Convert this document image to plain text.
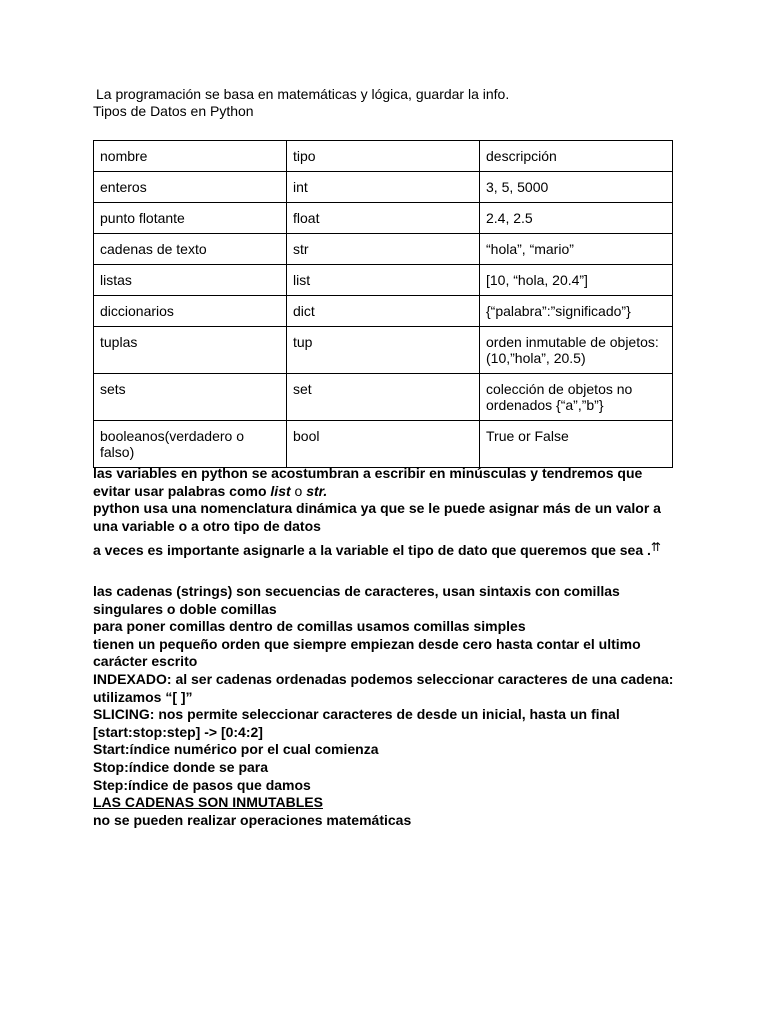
La programación se basa en matemáticas y lógica, guardar la info.
Tipos de Datos en Python
nombre	tipo	descripción
enteros	int	3, 5, 5000
punto flotante	float	2.4, 2.5
cadenas de texto	str	“hola”, “mario”
listas	list	[10, “hola, 20.4”]
diccionarios	dict	{“palabra”:”significado”}
tuplas	tup	orden inmutable de objetos:(10,”hola”, 20.5)
sets	set	colección de objetos no ordenados {“a”,”b”}
booleanos(verdadero o falso)	bool	True or False

las variables en python se acostumbran a escribir en minúsculas y tendremos que evitar usar palabras como list o str.

python usa una nomenclatura dinámica ya que se le puede asignar más de un valor a una variable o a otro tipo de datos

a veces es importante asignarle a la variable el tipo de dato que queremos que sea .⇈

las cadenas (strings) son secuencias de caracteres, usan sintaxis con comillas singulares o doble comillas

para poner comillas dentro de comillas usamos comillas simples

tienen un pequeño orden que siempre empiezan desde cero hasta contar el ultimo carácter escrito

INDEXADO: al ser cadenas ordenadas podemos seleccionar caracteres de una cadena: utilizamos “[ ]”

SLICING: nos permite seleccionar caracteres de desde un inicial, hasta un final

[start:stop:step] -> [0:4:2]

Start:índice numérico por el cual comienza

Stop:índice donde se para

Step:índice de pasos que damos

LAS CADENAS SON INMUTABLES

no se pueden realizar operaciones matemáticas
